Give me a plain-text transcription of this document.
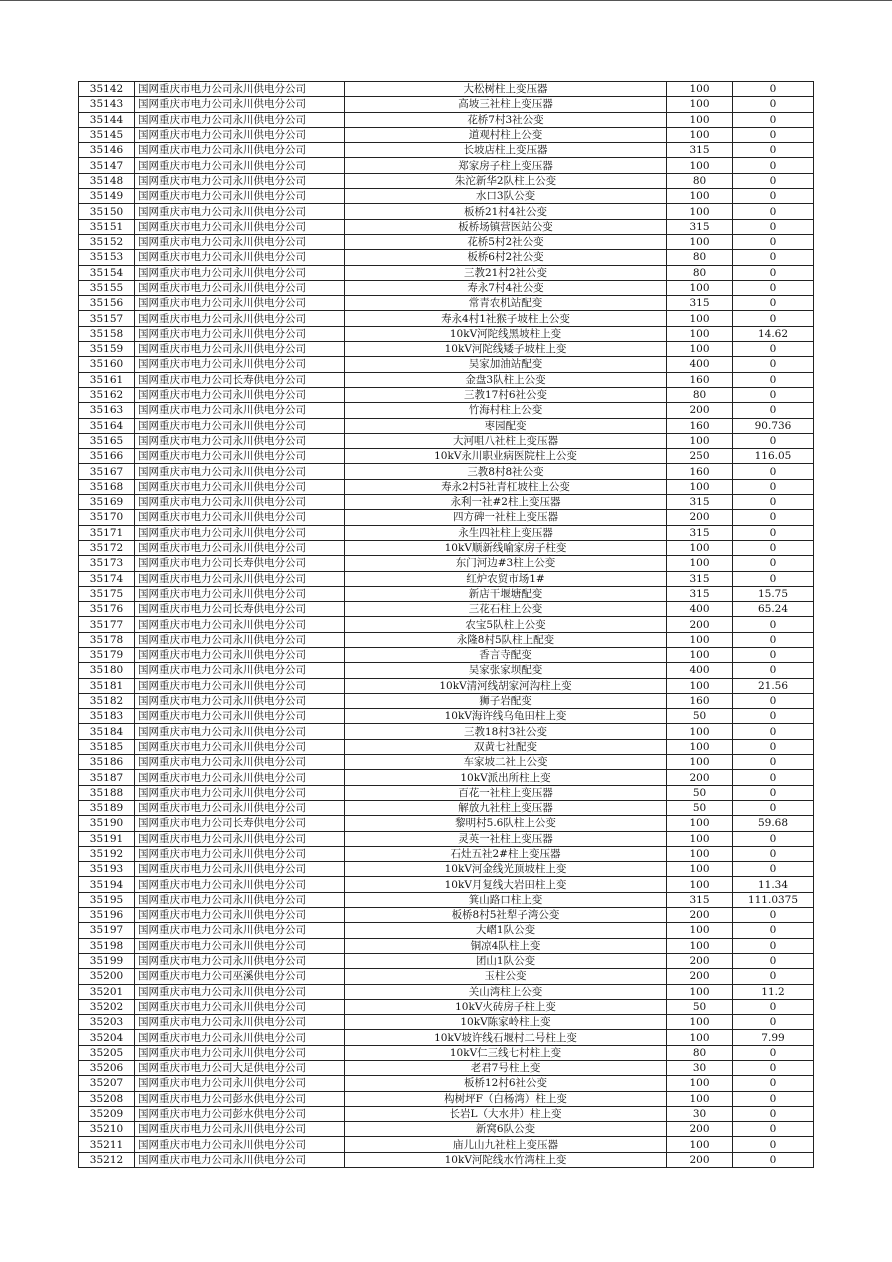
35142	国网重庆市电力公司永川供电分公司	大松树柱上变压器	100	0
35143	国网重庆市电力公司永川供电分公司	高坡三社柱上变压器	100	0
35144	国网重庆市电力公司永川供电分公司	花桥7村3社公变	100	0
35145	国网重庆市电力公司永川供电分公司	道观村柱上公变	100	0
35146	国网重庆市电力公司永川供电分公司	长坡店柱上变压器	315	0
35147	国网重庆市电力公司永川供电分公司	郑家房子柱上变压器	100	0
35148	国网重庆市电力公司永川供电分公司	朱沱新华2队柱上公变	80	0
35149	国网重庆市电力公司永川供电分公司	水口3队公变	100	0
35150	国网重庆市电力公司永川供电分公司	板桥21村4社公变	100	0
35151	国网重庆市电力公司永川供电分公司	板桥场镇营医站公变	315	0
35152	国网重庆市电力公司永川供电分公司	花桥5村2社公变	100	0
35153	国网重庆市电力公司永川供电分公司	板桥6村2社公变	80	0
35154	国网重庆市电力公司永川供电分公司	三教21村2社公变	80	0
35155	国网重庆市电力公司永川供电分公司	寿永7村4社公变	100	0
35156	国网重庆市电力公司永川供电分公司	常青农机站配变	315	0
35157	国网重庆市电力公司永川供电分公司	寿永4村1社猴子坡柱上公变	100	0
35158	国网重庆市电力公司永川供电分公司	10kV河陀线黑坡柱上变	100	14.62
35159	国网重庆市电力公司永川供电分公司	10kV河陀线矮子坡柱上变	100	0
35160	国网重庆市电力公司永川供电分公司	吴家加油站配变	400	0
35161	国网重庆市电力公司长寿供电分公司	金盘3队柱上公变	160	0
35162	国网重庆市电力公司永川供电分公司	三教17村6社公变	80	0
35163	国网重庆市电力公司永川供电分公司	竹海村柱上公变	200	0
35164	国网重庆市电力公司永川供电分公司	枣园配变	160	90.736
35165	国网重庆市电力公司永川供电分公司	大河咀八社柱上变压器	100	0
35166	国网重庆市电力公司永川供电分公司	10kV永川职业病医院柱上公变	250	116.05
35167	国网重庆市电力公司永川供电分公司	三教8村8社公变	160	0
35168	国网重庆市电力公司永川供电分公司	寿永2村5社青杠坡柱上公变	100	0
35169	国网重庆市电力公司永川供电分公司	永利一社#2柱上变压器	315	0
35170	国网重庆市电力公司永川供电分公司	四方碑一社柱上变压器	200	0
35171	国网重庆市电力公司永川供电分公司	永生四社柱上变压器	315	0
35172	国网重庆市电力公司永川供电分公司	10kV顺新线喻家房子柱变	100	0
35173	国网重庆市电力公司长寿供电分公司	东门河边#3柱上公变	100	0
35174	国网重庆市电力公司永川供电分公司	红炉农贸市场1#	315	0
35175	国网重庆市电力公司永川供电分公司	新店干堰塘配变	315	15.75
35176	国网重庆市电力公司长寿供电分公司	三花石柱上公变	400	65.24
35177	国网重庆市电力公司永川供电分公司	农宝5队柱上公变	200	0
35178	国网重庆市电力公司永川供电分公司	永隆8村5队柱上配变	100	0
35179	国网重庆市电力公司永川供电分公司	香言寺配变	100	0
35180	国网重庆市电力公司永川供电分公司	吴家张家坝配变	400	0
35181	国网重庆市电力公司永川供电分公司	10kV清河线胡家河沟柱上变	100	21.56
35182	国网重庆市电力公司永川供电分公司	狮子岩配变	160	0
35183	国网重庆市电力公司永川供电分公司	10kV海许线乌龟田柱上变	50	0
35184	国网重庆市电力公司永川供电分公司	三教18村3社公变	100	0
35185	国网重庆市电力公司永川供电分公司	双黄七社配变	100	0
35186	国网重庆市电力公司永川供电分公司	车家坡二社上公变	100	0
35187	国网重庆市电力公司永川供电分公司	10kV派出所柱上变	200	0
35188	国网重庆市电力公司永川供电分公司	百花一社柱上变压器	50	0
35189	国网重庆市电力公司永川供电分公司	解放九社柱上变压器	50	0
35190	国网重庆市电力公司长寿供电分公司	黎明村5.6队柱上公变	100	59.68
35191	国网重庆市电力公司永川供电分公司	灵英一社柱上变压器	100	0
35192	国网重庆市电力公司永川供电分公司	石灶五社2#柱上变压器	100	0
35193	国网重庆市电力公司永川供电分公司	10kV河金线光顶坡柱上变	100	0
35194	国网重庆市电力公司永川供电分公司	10kV月复线大岩田柱上变	100	11.34
35195	国网重庆市电力公司永川供电分公司	箕山路口柱上变	315	111.0375
35196	国网重庆市电力公司永川供电分公司	板桥8村5社犁子湾公变	200	0
35197	国网重庆市电力公司永川供电分公司	大嶍1队公变	100	0
35198	国网重庆市电力公司永川供电分公司	铜凉4队柱上变	100	0
35199	国网重庆市电力公司永川供电分公司	团山1队公变	200	0
35200	国网重庆市电力公司巫溪供电分公司	玉柱公变	200	0
35201	国网重庆市电力公司永川供电分公司	关山湾柱上公变	100	11.2
35202	国网重庆市电力公司永川供电分公司	10kV火砖房子柱上变	50	0
35203	国网重庆市电力公司永川供电分公司	10kV陈家岭柱上变	100	0
35204	国网重庆市电力公司永川供电分公司	10kV坡许线石堰村二号柱上变	100	7.99
35205	国网重庆市电力公司永川供电分公司	10kV仁三线七村柱上变	80	0
35206	国网重庆市电力公司大足供电分公司	老君7号柱上变	30	0
35207	国网重庆市电力公司永川供电分公司	板桥12村6社公变	100	0
35208	国网重庆市电力公司彭水供电分公司	构树坪F（白杨湾）柱上变	100	0
35209	国网重庆市电力公司彭水供电分公司	长岩L（大水井）柱上变	30	0
35210	国网重庆市电力公司永川供电分公司	新窝6队公变	200	0
35211	国网重庆市电力公司永川供电分公司	庙儿山九社柱上变压器	100	0
35212	国网重庆市电力公司永川供电分公司	10kV河陀线水竹湾柱上变	200	0
